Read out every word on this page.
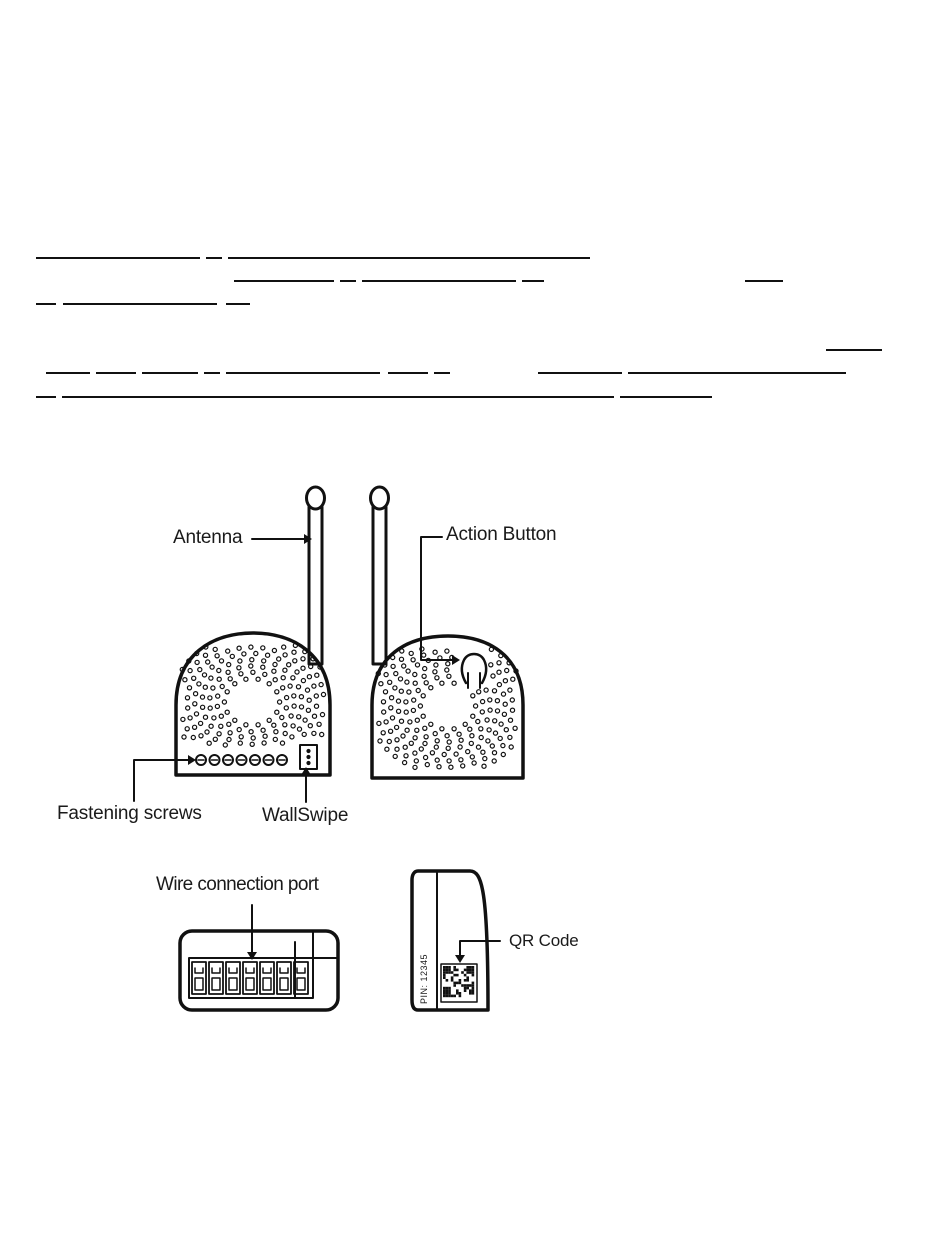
Antenna	Action Button
Fastening screws	WallSwipe
Wire connection port
QR Code
PIN: 12345
